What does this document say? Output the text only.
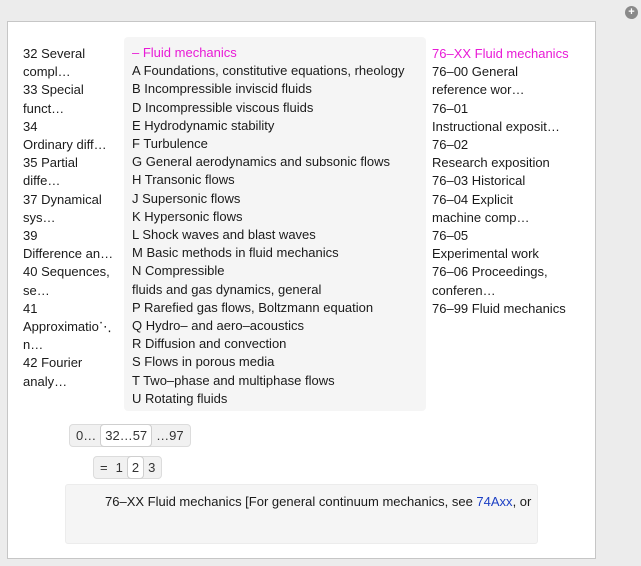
+
32 Several
compl…
33 Special
funct…
34
Ordinary diff…
35 Partial
diffe…
37 Dynamical
sys…
39
Difference an…
40 Sequences,
se…
41
Approximatio⋱
n…
42 Fourier
analy…
– Fluid mechanics
A Foundations, constitutive equations, rheology
B Incompressible inviscid fluids
D Incompressible viscous fluids
E Hydrodynamic stability
F Turbulence
G General aerodynamics and subsonic flows
H Transonic flows
J Supersonic flows
K Hypersonic flows
L Shock waves and blast waves
M Basic methods in fluid mechanics
N Compressible
fluids and gas dynamics, general
P Rarefied gas flows, Boltzmann equation
Q Hydro– and aero–acoustics
R Diffusion and convection
S Flows in porous media
T Two–phase and multiphase flows
U Rotating fluids
76–XX Fluid mechanics
76–00 General
reference wor…
76–01
Instructional exposit…
76–02
Research exposition
76–03 Historical
76–04 Explicit
machine comp…
76–05
Experimental work
76–06 Proceedings,
conferen…
76–99 Fluid mechanics
0… 32…57 …97
= 1 2 3
76–XX Fluid mechanics [For general continuum mechanics, see 74Axx, or
